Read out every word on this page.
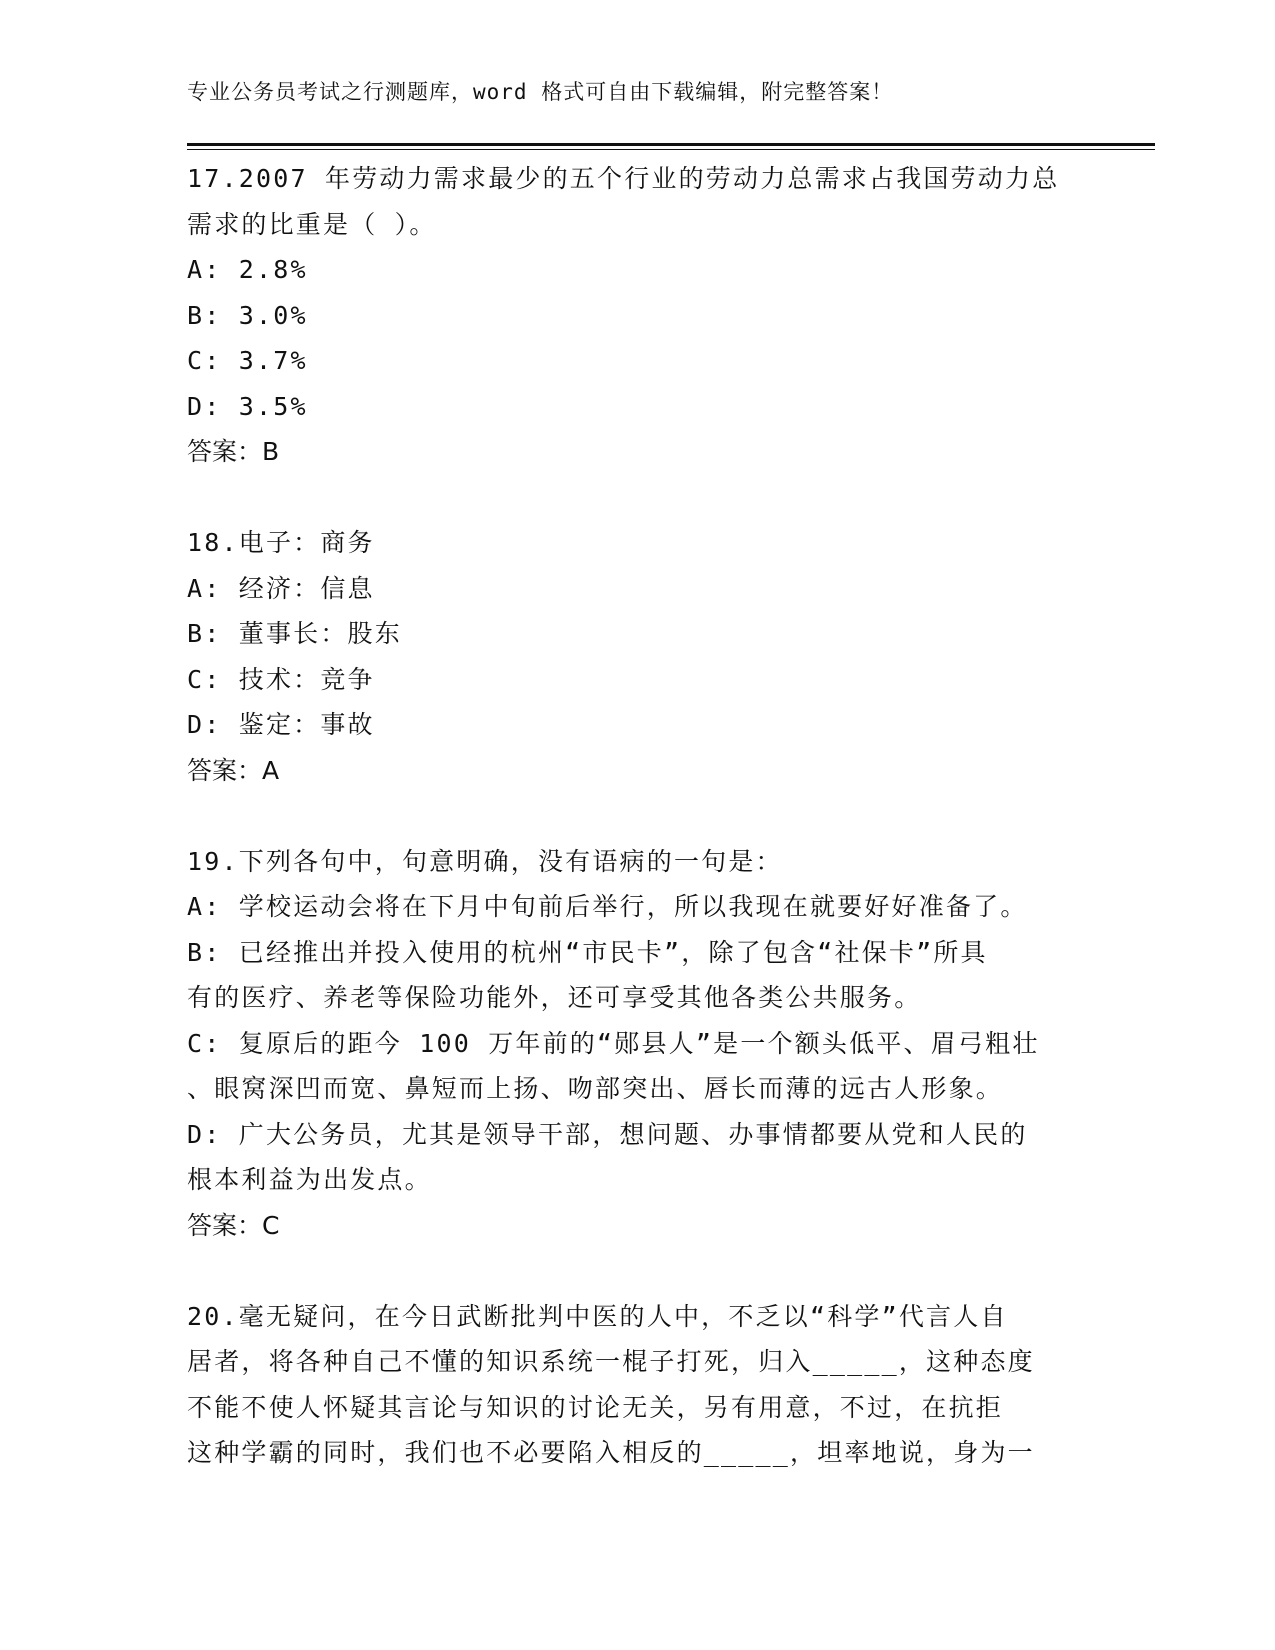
专业公务员考试之行测题库，word 格式可自由下载编辑，附完整答案！
17.2007 年劳动力需求最少的五个行业的劳动力总需求占我国劳动力总
需求的比重是（ ）。
A: 2.8%
B: 3.0%
C: 3.7%
D: 3.5%
答案：B
18.电子：商务
A: 经济：信息
B: 董事长：股东
C: 技术：竞争
D: 鉴定：事故
答案：A
19.下列各句中，句意明确，没有语病的一句是：
A: 学校运动会将在下月中旬前后举行，所以我现在就要好好准备了。
B: 已经推出并投入使用的杭州“市民卡”，除了包含“社保卡”所具
有的医疗、养老等保险功能外，还可享受其他各类公共服务。
C: 复原后的距今 100 万年前的“郧县人”是一个额头低平、眉弓粗壮
、眼窝深凹而宽、鼻短而上扬、吻部突出、唇长而薄的远古人形象。
D: 广大公务员，尤其是领导干部，想问题、办事情都要从党和人民的
根本利益为出发点。
答案：C
20.毫无疑问，在今日武断批判中医的人中，不乏以“科学”代言人自
居者，将各种自己不懂的知识系统一棍子打死，归入_____，这种态度
不能不使人怀疑其言论与知识的讨论无关，另有用意，不过，在抗拒
这种学霸的同时，我们也不必要陷入相反的_____，坦率地说，身为一
